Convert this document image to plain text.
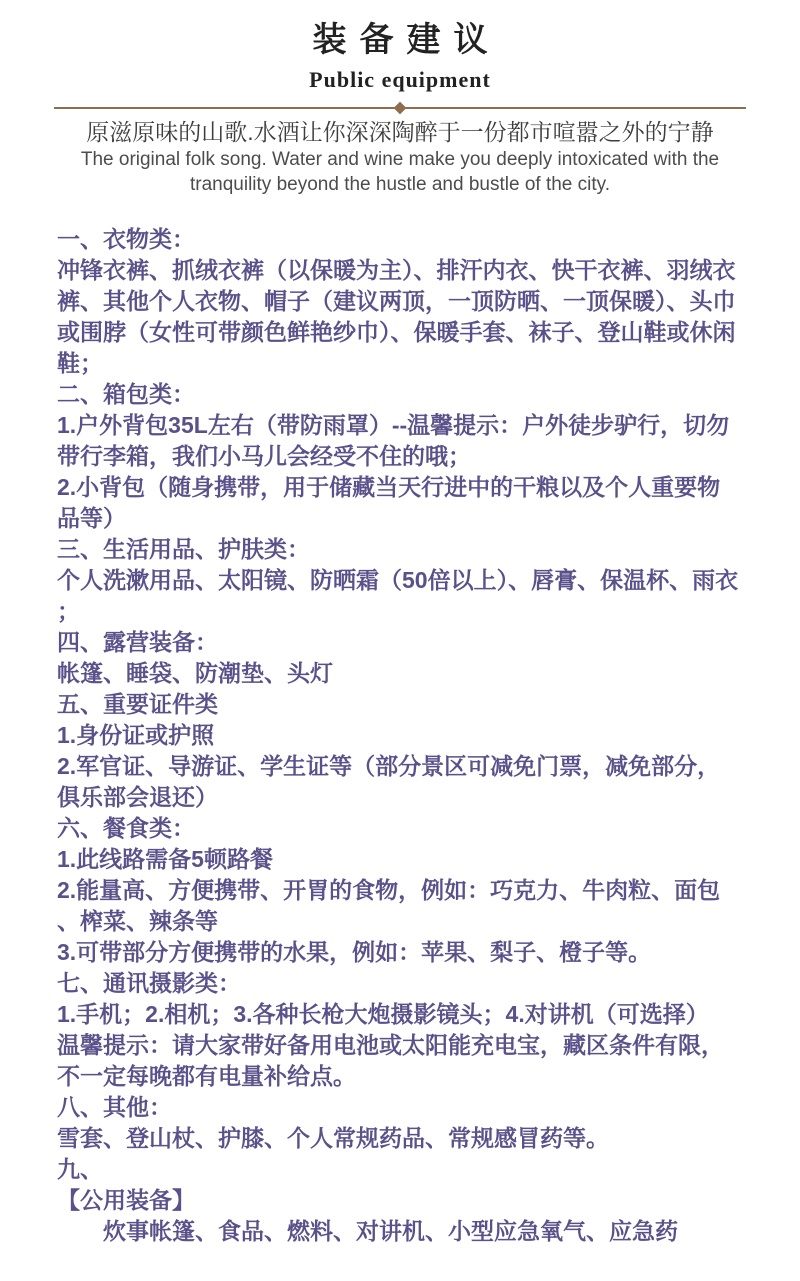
装备建议
Public equipment

原滋原味的山歌.水酒让你深深陶醉于一份都市喧嚣之外的宁静

The original folk song. Water and wine make you deeply intoxicated with the tranquility beyond the hustle and bustle of the city.

一、衣物类：

冲锋衣裤、抓绒衣裤（以保暖为主）、排汗内衣、快干衣裤、羽绒衣裤、其他个人衣物、帽子（建议两顶，一顶防晒、一顶保暖）、头巾或围脖（女性可带颜色鲜艳纱巾）、保暖手套、袜子、登山鞋或休闲鞋；

二、箱包类：

1.户外背包35L左右（带防雨罩）--温馨提示：户外徒步驴行，切勿带行李箱，我们小马儿会经受不住的哦；

2.小背包（随身携带，用于储藏当天行进中的干粮以及个人重要物品等）

三、生活用品、护肤类：

个人洗漱用品、太阳镜、防晒霜（50倍以上）、唇膏、保温杯、雨衣；

四、露营装备：

帐篷、睡袋、防潮垫、头灯

五、重要证件类

1.身份证或护照

2.军官证、导游证、学生证等（部分景区可减免门票，减免部分，俱乐部会退还）

六、餐食类：

1.此线路需备5顿路餐

2.能量高、方便携带、开胃的食物，例如：巧克力、牛肉粒、面包、榨菜、辣条等

3.可带部分方便携带的水果，例如：苹果、梨子、橙子等。

七、通讯摄影类：

1.手机；2.相机；3.各种长枪大炮摄影镜头；4.对讲机（可选择）

温馨提示：请大家带好备用电池或太阳能充电宝，藏区条件有限，不一定每晚都有电量补给点。

八、其他：

雪套、登山杖、护膝、个人常规药品、常规感冒药等。

九、

【公用装备】

炊事帐篷、食品、燃料、对讲机、小型应急氧气、应急药
